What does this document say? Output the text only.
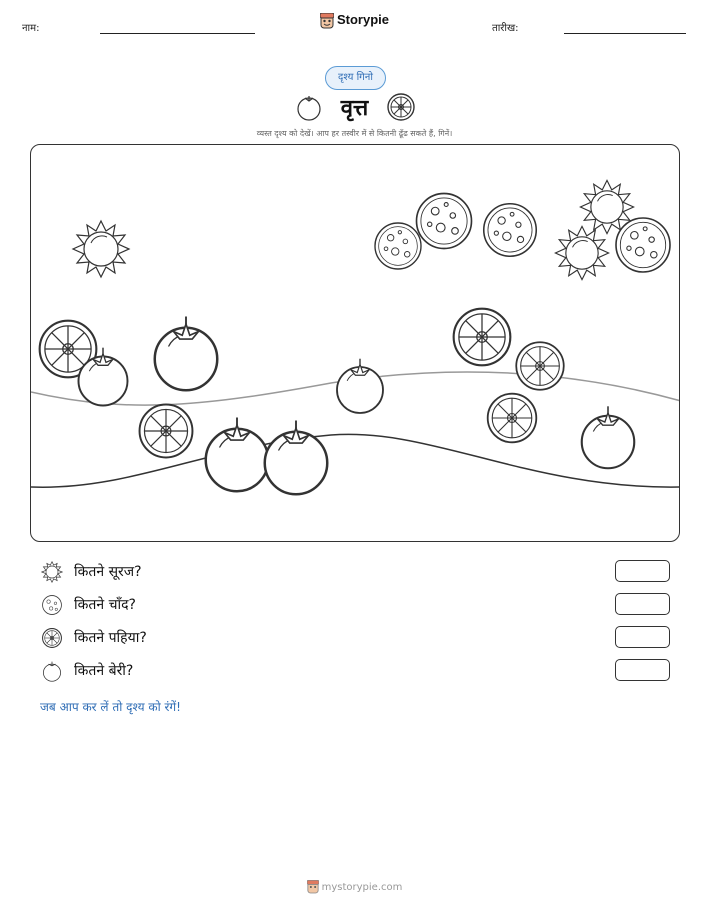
नाम:
Storypie
तारीख:
दृश्य गिनो
वृत्त
व्यस्त दृश्य को देखें। आप हर तस्वीर में से कितनी ढूँढ सकते हैं, गिनें।
कितने सूरज?
कितने चाँद?
कितने पहिया?
कितने बेरी?
जब आप कर लें तो दृश्य को रंगें!
mystorypie.com
